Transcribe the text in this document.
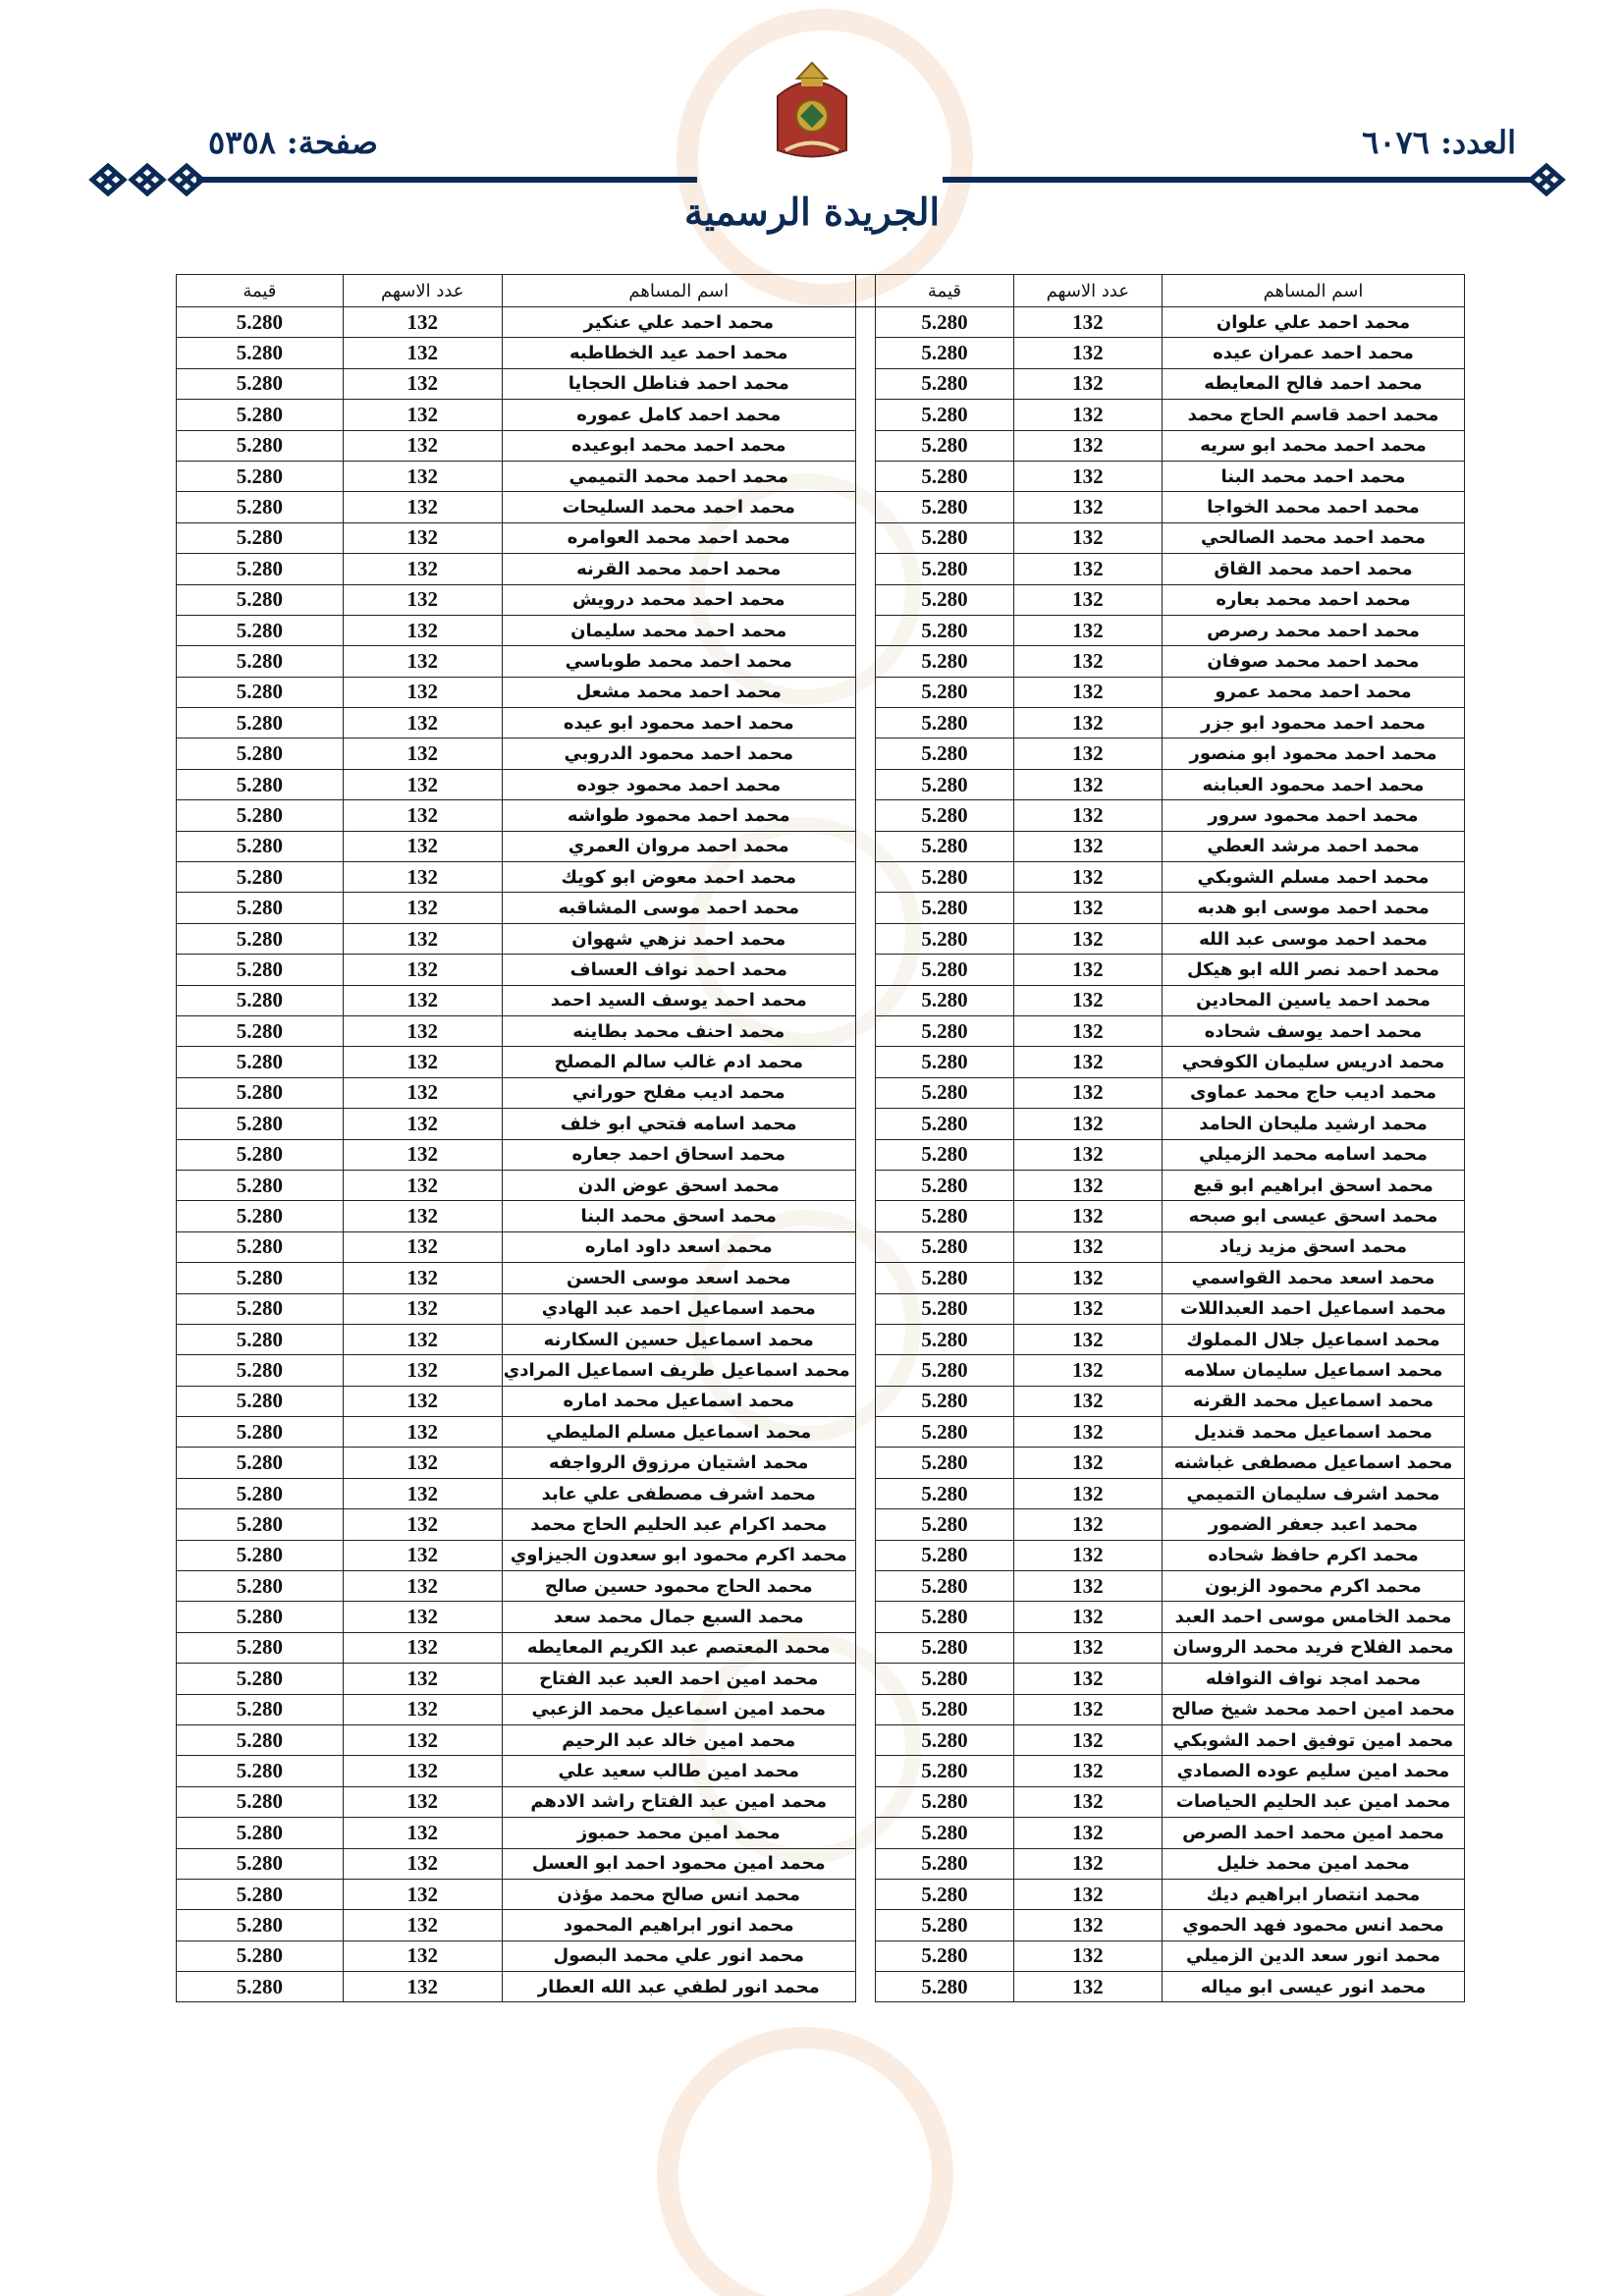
العدد: ٦٠٧٦
صفحة: ٥٣٥٨
الجريدة الرسمية
اسم المساهم	عدد الاسهم	قيمة		اسم المساهم	عدد الاسهم	قيمة
محمد احمد علي علوان	132	5.280		محمد احمد علي عنكير	132	5.280
محمد احمد عمران عيده	132	5.280		محمد احمد عيد الخطاطبه	132	5.280
محمد احمد فالح المعايطه	132	5.280		محمد احمد فناطل الحجايا	132	5.280
محمد احمد قاسم الحاج محمد	132	5.280		محمد احمد كامل عموره	132	5.280
محمد احمد محمد ابو سريه	132	5.280		محمد احمد محمد ابوعيده	132	5.280
محمد احمد محمد البنا	132	5.280		محمد احمد محمد التميمي	132	5.280
محمد احمد محمد الخواجا	132	5.280		محمد احمد محمد السليحات	132	5.280
محمد احمد محمد الصالحي	132	5.280		محمد احمد محمد العوامره	132	5.280
محمد احمد محمد القاق	132	5.280		محمد احمد محمد القرنه	132	5.280
محمد احمد محمد بعاره	132	5.280		محمد احمد محمد درويش	132	5.280
محمد احمد محمد رصرص	132	5.280		محمد احمد محمد سليمان	132	5.280
محمد احمد محمد صوفان	132	5.280		محمد احمد محمد طوباسي	132	5.280
محمد احمد محمد عمرو	132	5.280		محمد احمد محمد مشعل	132	5.280
محمد احمد محمود ابو جزر	132	5.280		محمد احمد محمود ابو عيده	132	5.280
محمد احمد محمود ابو منصور	132	5.280		محمد احمد محمود الدروبي	132	5.280
محمد احمد محمود العبابنه	132	5.280		محمد احمد محمود جوده	132	5.280
محمد احمد محمود سرور	132	5.280		محمد احمد محمود طواشه	132	5.280
محمد احمد مرشد العطي	132	5.280		محمد احمد مروان العمري	132	5.280
محمد احمد مسلم الشوبكي	132	5.280		محمد احمد معوض ابو كويك	132	5.280
محمد احمد موسى ابو هدبه	132	5.280		محمد احمد موسى المشاقبه	132	5.280
محمد احمد موسى عبد الله	132	5.280		محمد احمد نزهي شهوان	132	5.280
محمد احمد نصر الله ابو هيكل	132	5.280		محمد احمد نواف العساف	132	5.280
محمد احمد ياسين المحادين	132	5.280		محمد احمد يوسف السيد احمد	132	5.280
محمد احمد يوسف شحاده	132	5.280		محمد احنف محمد بطاينه	132	5.280
محمد ادريس سليمان الكوفحي	132	5.280		محمد ادم غالب سالم المصلح	132	5.280
محمد اديب حاج محمد عماوى	132	5.280		محمد اديب مفلح حوراني	132	5.280
محمد ارشيد مليحان الحامد	132	5.280		محمد اسامه فتحي ابو خلف	132	5.280
محمد اسامه محمد الزميلي	132	5.280		محمد اسحاق احمد جعاره	132	5.280
محمد اسحق ابراهيم ابو قبع	132	5.280		محمد اسحق عوض الدن	132	5.280
محمد اسحق عيسى ابو صبحه	132	5.280		محمد اسحق محمد البنا	132	5.280
محمد اسحق مزيد زياد	132	5.280		محمد اسعد داود اماره	132	5.280
محمد اسعد محمد القواسمي	132	5.280		محمد اسعد موسى الحسن	132	5.280
محمد اسماعيل احمد العبداللات	132	5.280		محمد اسماعيل احمد عبد الهادي	132	5.280
محمد اسماعيل جلال المملوك	132	5.280		محمد اسماعيل حسين السكارنه	132	5.280
محمد اسماعيل سليمان سلامه	132	5.280		محمد اسماعيل طريف اسماعيل المرادي	132	5.280
محمد اسماعيل محمد القرنه	132	5.280		محمد اسماعيل محمد اماره	132	5.280
محمد اسماعيل محمد قنديل	132	5.280		محمد اسماعيل مسلم المليطي	132	5.280
محمد اسماعيل مصطفى غباشنه	132	5.280		محمد اشتيان مرزوق الرواجفه	132	5.280
محمد اشرف سليمان التميمي	132	5.280		محمد اشرف مصطفى علي عابد	132	5.280
محمد اعبد جعفر الضمور	132	5.280		محمد اكرام عبد الحليم الحاج محمد	132	5.280
محمد اكرم حافظ شحاده	132	5.280		محمد اكرم محمود ابو سعدون الجيزاوي	132	5.280
محمد اكرم محمود الزبون	132	5.280		محمد الحاج محمود حسين صالح	132	5.280
محمد الخامس موسى احمد العبد	132	5.280		محمد السبع جمال محمد سعد	132	5.280
محمد الفلاح فريد محمد الروسان	132	5.280		محمد المعتصم عبد الكريم المعايطه	132	5.280
محمد امجد نواف النوافله	132	5.280		محمد امين احمد العبد عبد الفتاح	132	5.280
محمد امين احمد محمد شيخ صالح	132	5.280		محمد امين اسماعيل محمد الزعبي	132	5.280
محمد امين توفيق احمد الشوبكي	132	5.280		محمد امين خالد عبد الرحيم	132	5.280
محمد امين سليم عوده الصمادي	132	5.280		محمد امين طالب سعيد علي	132	5.280
محمد امين عبد الحليم الحياصات	132	5.280		محمد امين عبد الفتاح راشد الادهم	132	5.280
محمد امين محمد احمد الصرص	132	5.280		محمد امين محمد حمبوز	132	5.280
محمد امين محمد خليل	132	5.280		محمد امين محمود احمد ابو العسل	132	5.280
محمد انتصار ابراهيم ديك	132	5.280		محمد انس صالح محمد مؤذن	132	5.280
محمد انس محمود فهد الحموي	132	5.280		محمد انور ابراهيم المحمود	132	5.280
محمد انور سعد الدين الزميلي	132	5.280		محمد انور علي محمد البصول	132	5.280
محمد انور عيسى ابو مياله	132	5.280		محمد انور لطفي عبد الله العطار	132	5.280
